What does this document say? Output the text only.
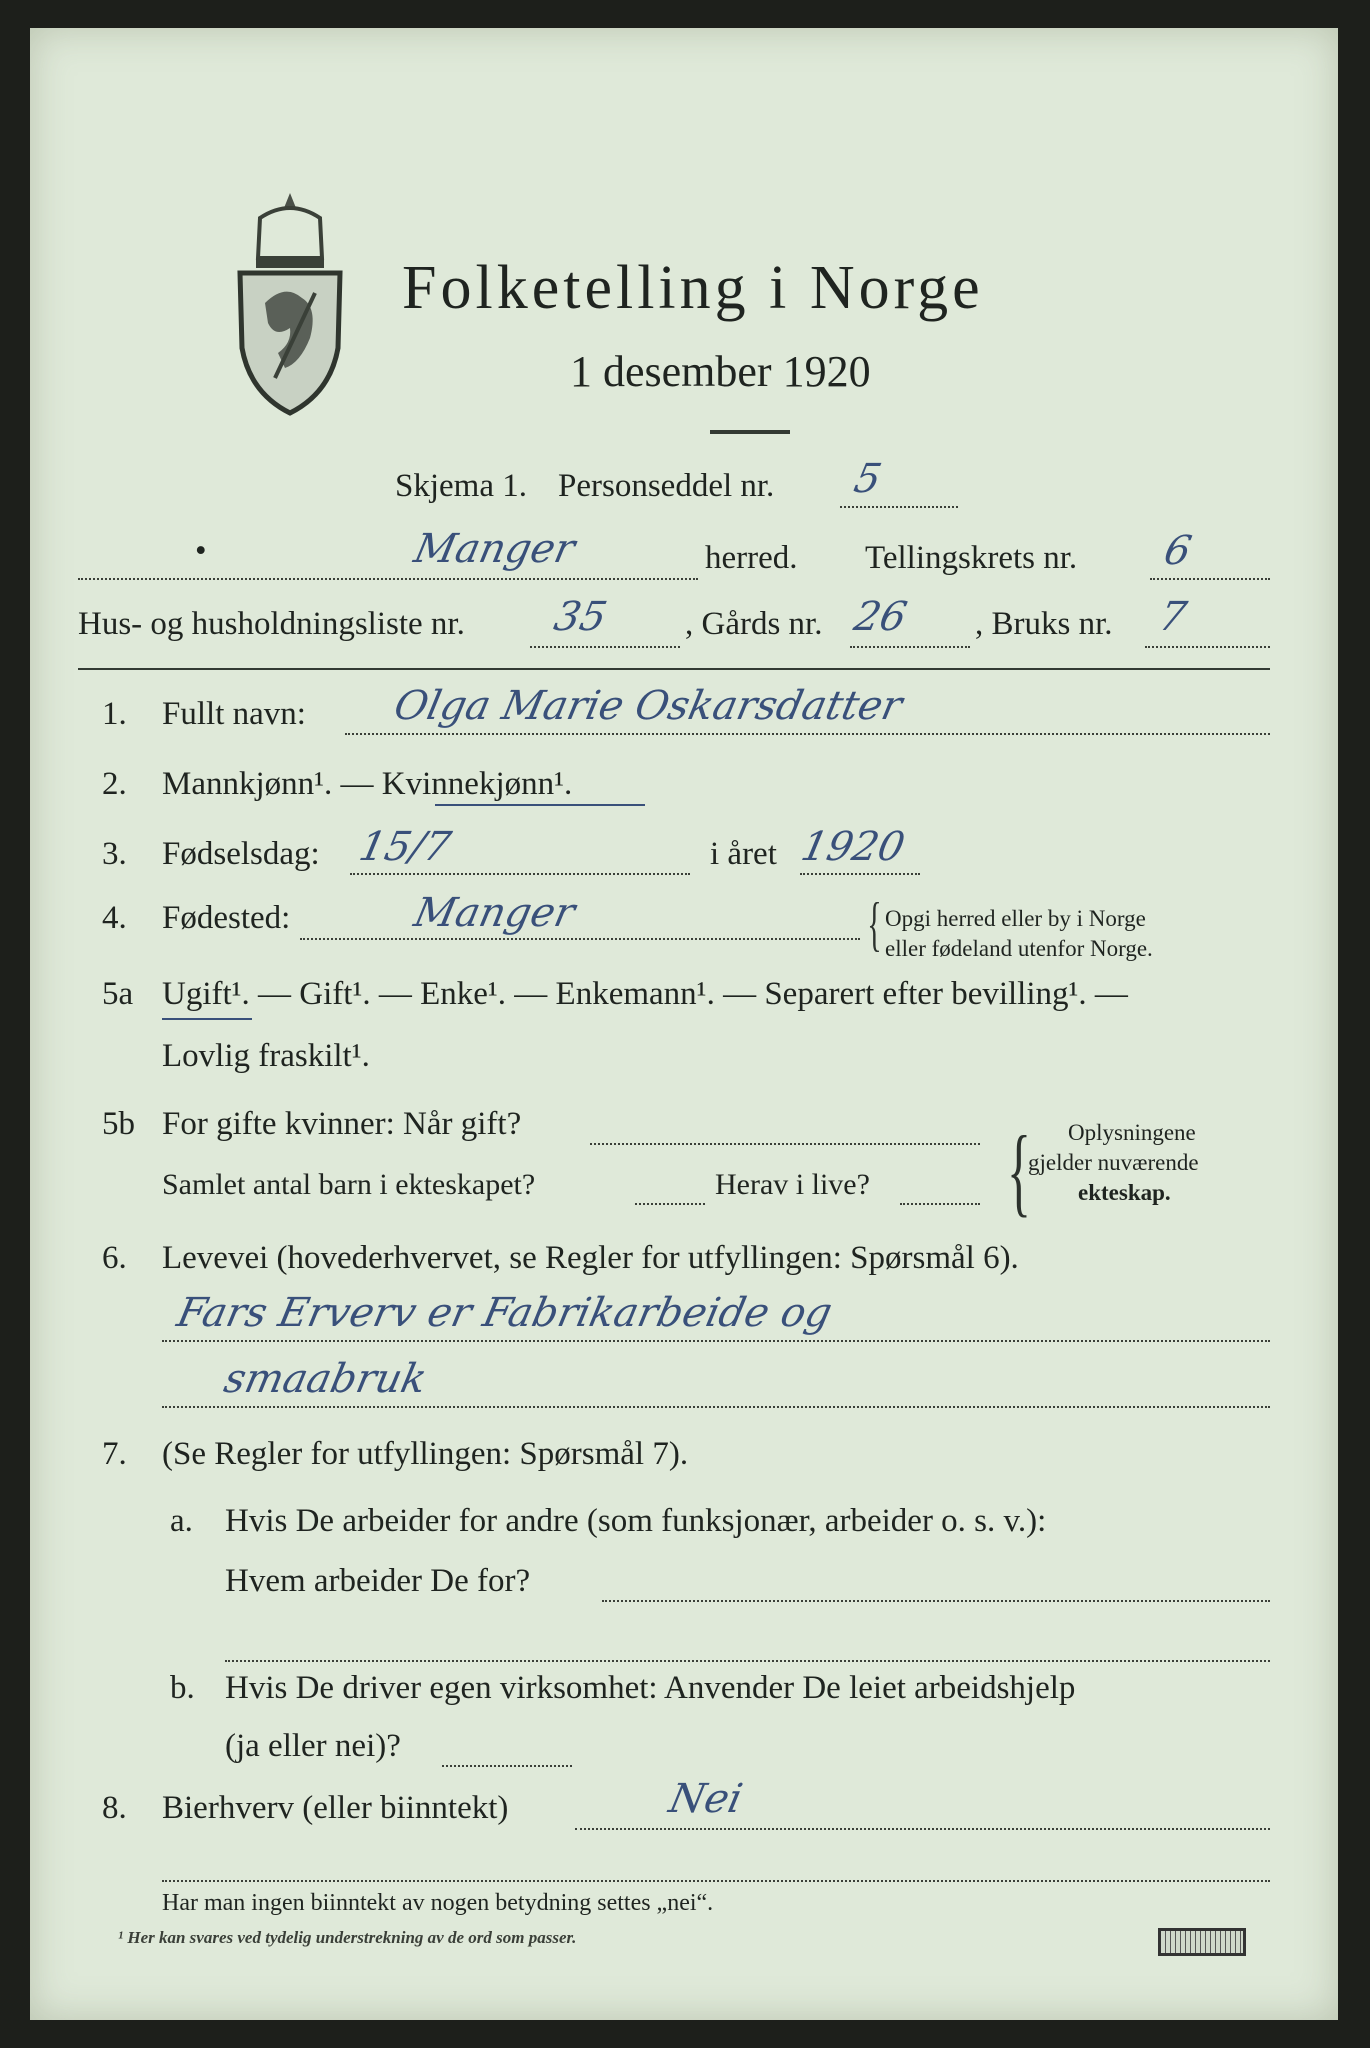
Folketelling i Norge
1 desember 1920
Skjema 1. Personseddel nr. 5
•	Manger	herred. Tellingskrets nr. 6
Hus- og husholdningsliste nr. 35 , Gårds nr. 26 , Bruks nr. 7
1. Fullt navn: Olga Marie Oskarsdatter
2. Mannkjønn¹. — Kvinnekjønn¹.
3. Fødselsdag: 15/7	i året 1920
4. Fødested:	Manger	{ Opgi herred eller by i Norge
eller fødeland utenfor Norge.
5a Ugift¹. — Gift¹. — Enke¹. — Enkemann¹. — Separert efter bevilling¹. —
Lovlig fraskilt¹.
5b For gifte kvinner: Når gift?
Samlet antal barn i ekteskapet?	Herav i live? { Oplysningene
gjelder nuværende
ekteskap.
6. Levevei (hovederhvervet, se Regler for utfyllingen: Spørsmål 6).
Fars Erverv er Fabrikarbeide og
smaabruk
7. (Se Regler for utfyllingen: Spørsmål 7).
a. Hvis De arbeider for andre (som funksjonær, arbeider o. s. v.):
Hvem arbeider De for?
b. Hvis De driver egen virksomhet: Anvender De leiet arbeidshjelp
(ja eller nei)?
8. Bierhverv (eller biinntekt)	Nei
Har man ingen biinntekt av nogen betydning settes „nei“.
¹ Her kan svares ved tydelig understrekning av de ord som passer.
